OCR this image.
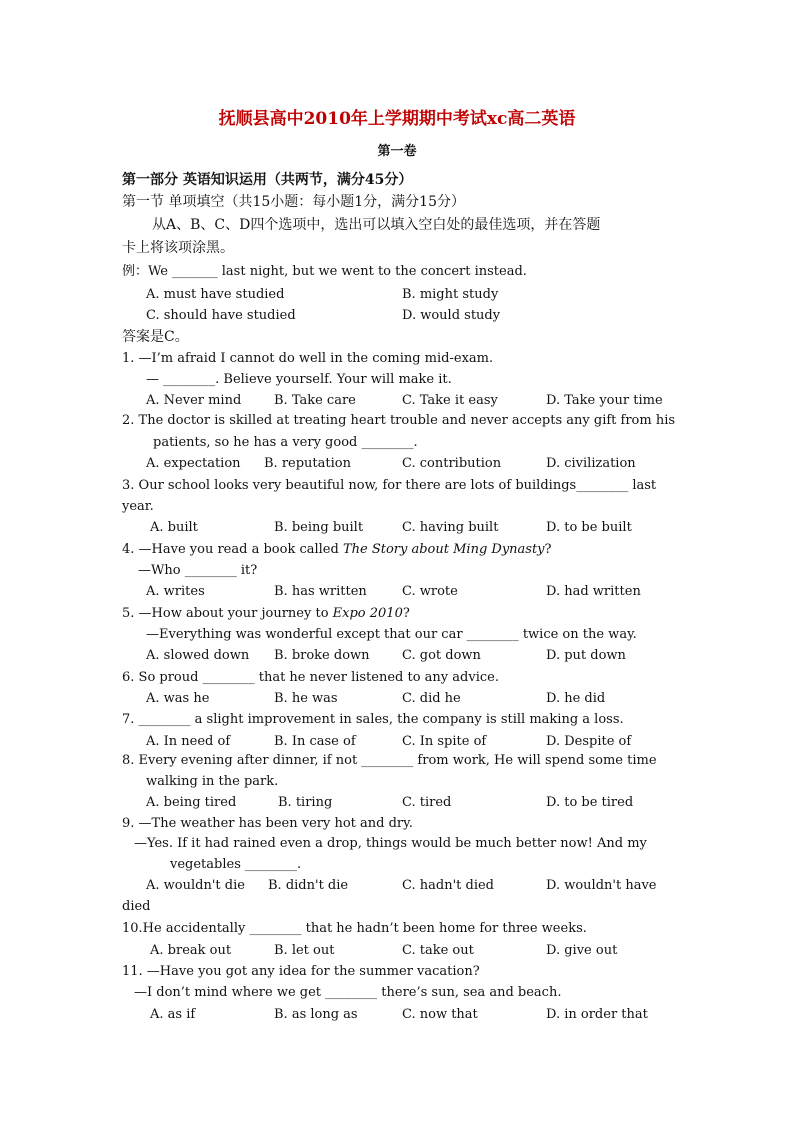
抚顺县高中2010年上学期期中考试xc高二英语
第一卷
第一部分 英语知识运用（共两节，满分45分）
第一节 单项填空（共15小题：每小题1分，满分15分）
从A、B、C、D四个选项中，选出可以填入空白处的最佳选项，并在答题
卡上将该项涂黑。
例：We _______ last night, but we went to the concert instead.
A. must have studied	B. might study
C. should have studied	D. would study
答案是C。
1. —I’m afraid I cannot do well in the coming mid-exam.
— ________. Believe yourself. Your will make it.
A. Never mind	B. Take care	C. Take it easy	D. Take your time
2. The doctor is skilled at treating heart trouble and never accepts any gift from his
patients, so he has a very good ________.
A. expectation B. reputation	C. contribution	D. civilization
3. Our school looks very beautiful now, for there are lots of buildings________ last
year.
A. built	B. being built	C. having built	D. to be built
4. —Have you read a book called The Story about Ming Dynasty?
—Who ________ it?
A. writes	B. has written	C. wrote	D. had written
5. —How about your journey to Expo 2010?
—Everything was wonderful except that our car ________ twice on the way.
A. slowed down B. broke down C. got down	D. put down
6. So proud ________ that he never listened to any advice.
A. was he	B. he was	C. did he	D. he did
7. ________ a slight improvement in sales, the company is still making a loss.
A. In need of	B. In case of	C. In spite of	D. Despite of
8. Every evening after dinner, if not ________ from work, He will spend some time
walking in the park.
A. being tired	B. tiring	C. tired	D. to be tired
9. —The weather has been very hot and dry.
—Yes. If it had rained even a drop, things would be much better now! And my
vegetables ________.
A. wouldn't die B. didn't die	C. hadn't died	D. wouldn't have
died
10.He accidentally ________ that he hadn’t been home for three weeks.
A. break out	B. let out	C. take out	D. give out
11. —Have you got any idea for the summer vacation?
—I don’t mind where we get ________ there’s sun, sea and beach.
A. as if	B. as long as	C. now that	D. in order that
